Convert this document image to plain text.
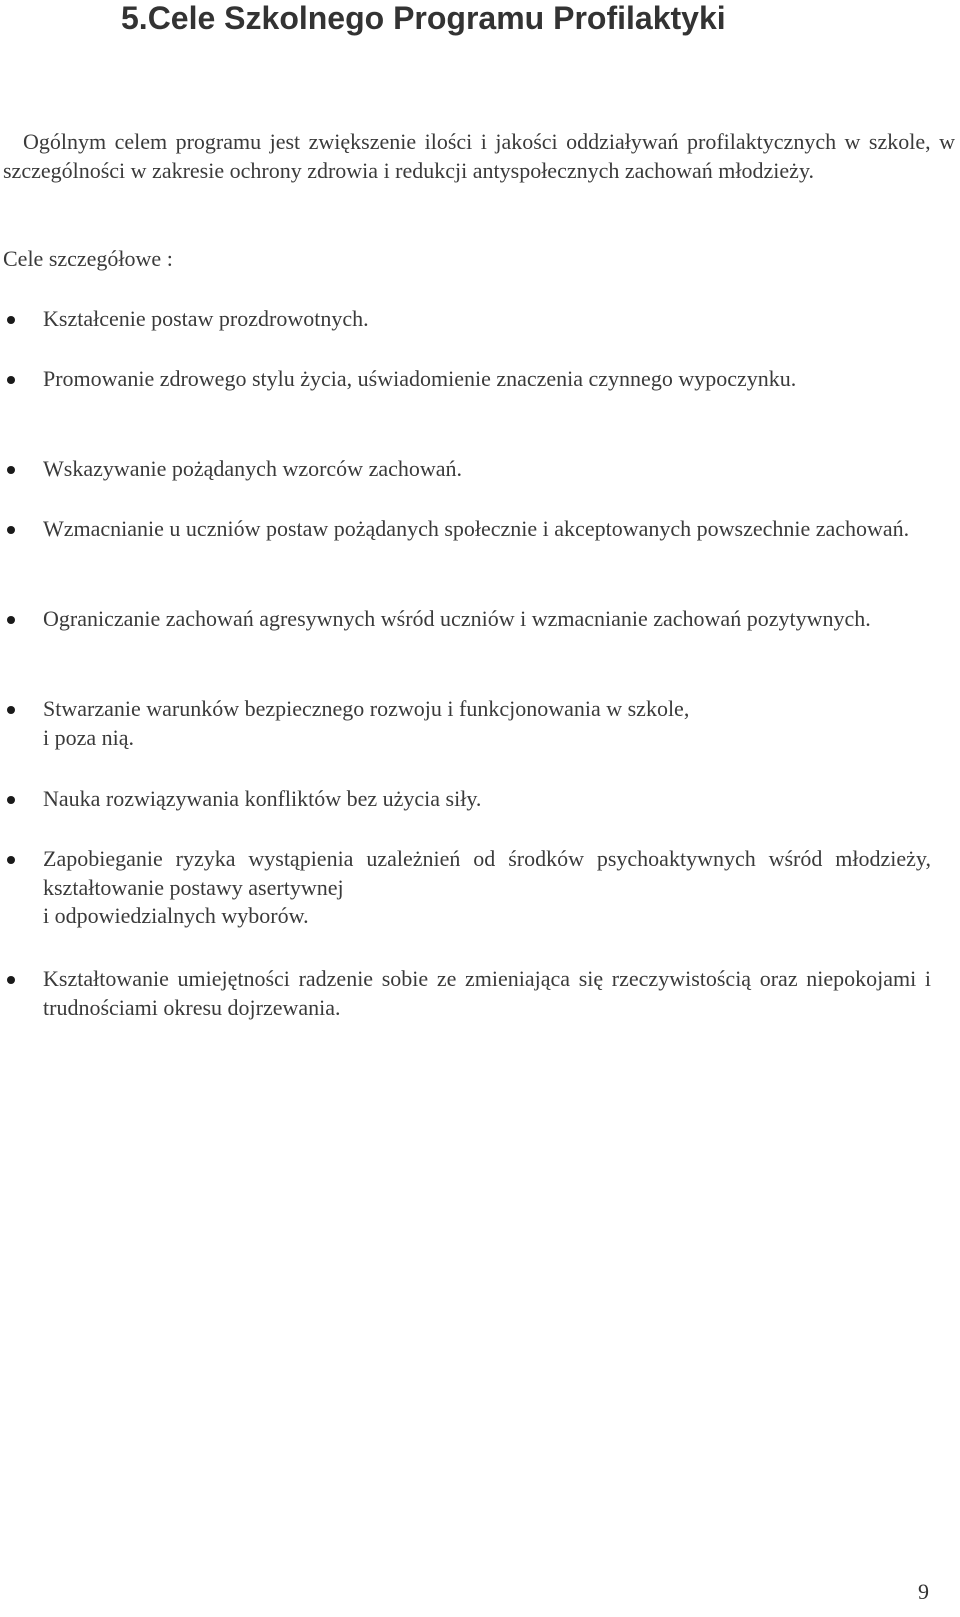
5.Cele Szkolnego Programu Profilaktyki

Ogólnym celem programu jest zwiększenie ilości i jakości oddziaływań profilaktycznych w szkole, w szczególności w zakresie ochrony zdrowia i redukcji antyspołecznych zachowań młodzieży.

Cele szczegółowe :

Kształcenie postaw prozdrowotnych.

Promowanie zdrowego stylu życia, uświadomienie znaczenia czynnego wypoczynku.

Wskazywanie pożądanych wzorców zachowań.

Wzmacnianie u uczniów postaw pożądanych społecznie i akceptowanych powszechnie zachowań.

Ograniczanie zachowań agresywnych wśród uczniów i wzmacnianie zachowań pozytywnych.

Stwarzanie warunków bezpiecznego rozwoju i funkcjonowania w szkole,
i poza nią.

Nauka rozwiązywania konfliktów bez użycia siły.

Zapobieganie ryzyka wystąpienia uzależnień od środków psychoaktywnych wśród młodzieży, kształtowanie postawy asertywnej
i odpowiedzialnych wyborów.

Kształtowanie umiejętności radzenie sobie ze zmieniająca się rzeczywistością oraz niepokojami i trudnościami okresu dojrzewania.

9
